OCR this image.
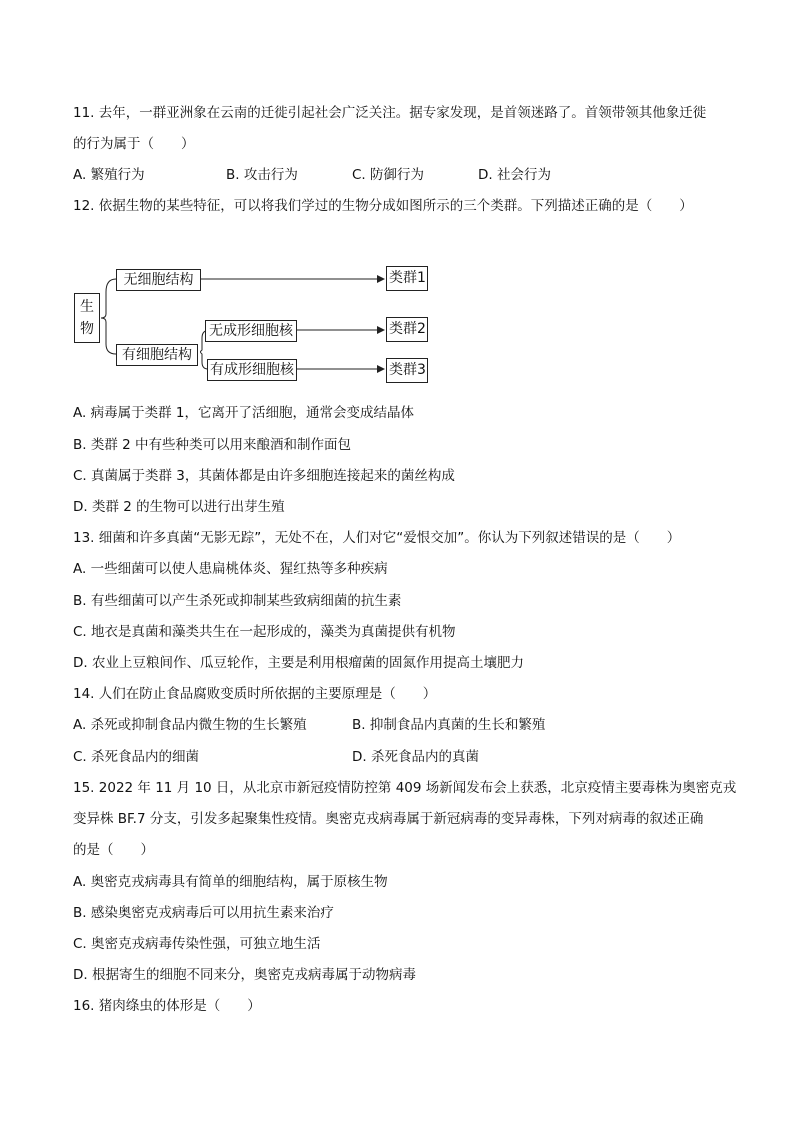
11. 去年，一群亚洲象在云南的迁徙引起社会广泛关注。据专家发现，是首领迷路了。首领带领其他象迁徙
的行为属于（　　）
A. 繁殖行为	B. 攻击行为	C. 防御行为	D. 社会行为
12. 依据生物的某些特征，可以将我们学过的生物分成如图所示的三个类群。下列描述正确的是（　　）
生物
无细胞结构
有细胞结构
无成形细胞核
有成形细胞核
类群1
类群2
类群3
A. 病毒属于类群 1，它离开了活细胞，通常会变成结晶体
B. 类群 2 中有些种类可以用来酿酒和制作面包
C. 真菌属于类群 3，其菌体都是由许多细胞连接起来的菌丝构成
D. 类群 2 的生物可以进行出芽生殖
13. 细菌和许多真菌“无影无踪”，无处不在，人们对它“爱恨交加”。你认为下列叙述错误的是（　　）
A. 一些细菌可以使人患扁桃体炎、猩红热等多种疾病
B. 有些细菌可以产生杀死或抑制某些致病细菌的抗生素
C. 地衣是真菌和藻类共生在一起形成的，藻类为真菌提供有机物
D. 农业上豆粮间作、瓜豆轮作，主要是利用根瘤菌的固氮作用提高土壤肥力
14. 人们在防止食品腐败变质时所依据的主要原理是（　　）
A. 杀死或抑制食品内微生物的生长繁殖	B. 抑制食品内真菌的生长和繁殖
C. 杀死食品内的细菌	D. 杀死食品内的真菌
15. 2022 年 11 月 10 日，从北京市新冠疫情防控第 409 场新闻发布会上获悉，北京疫情主要毒株为奥密克戎
变异株 BF.7 分支，引发多起聚集性疫情。奥密克戎病毒属于新冠病毒的变异毒株，下列对病毒的叙述正确
的是（　　）
A. 奥密克戎病毒具有简单的细胞结构，属于原核生物
B. 感染奥密克戎病毒后可以用抗生素来治疗
C. 奥密克戎病毒传染性强，可独立地生活
D. 根据寄生的细胞不同来分，奥密克戎病毒属于动物病毒
16. 猪肉绦虫的体形是（　　）
